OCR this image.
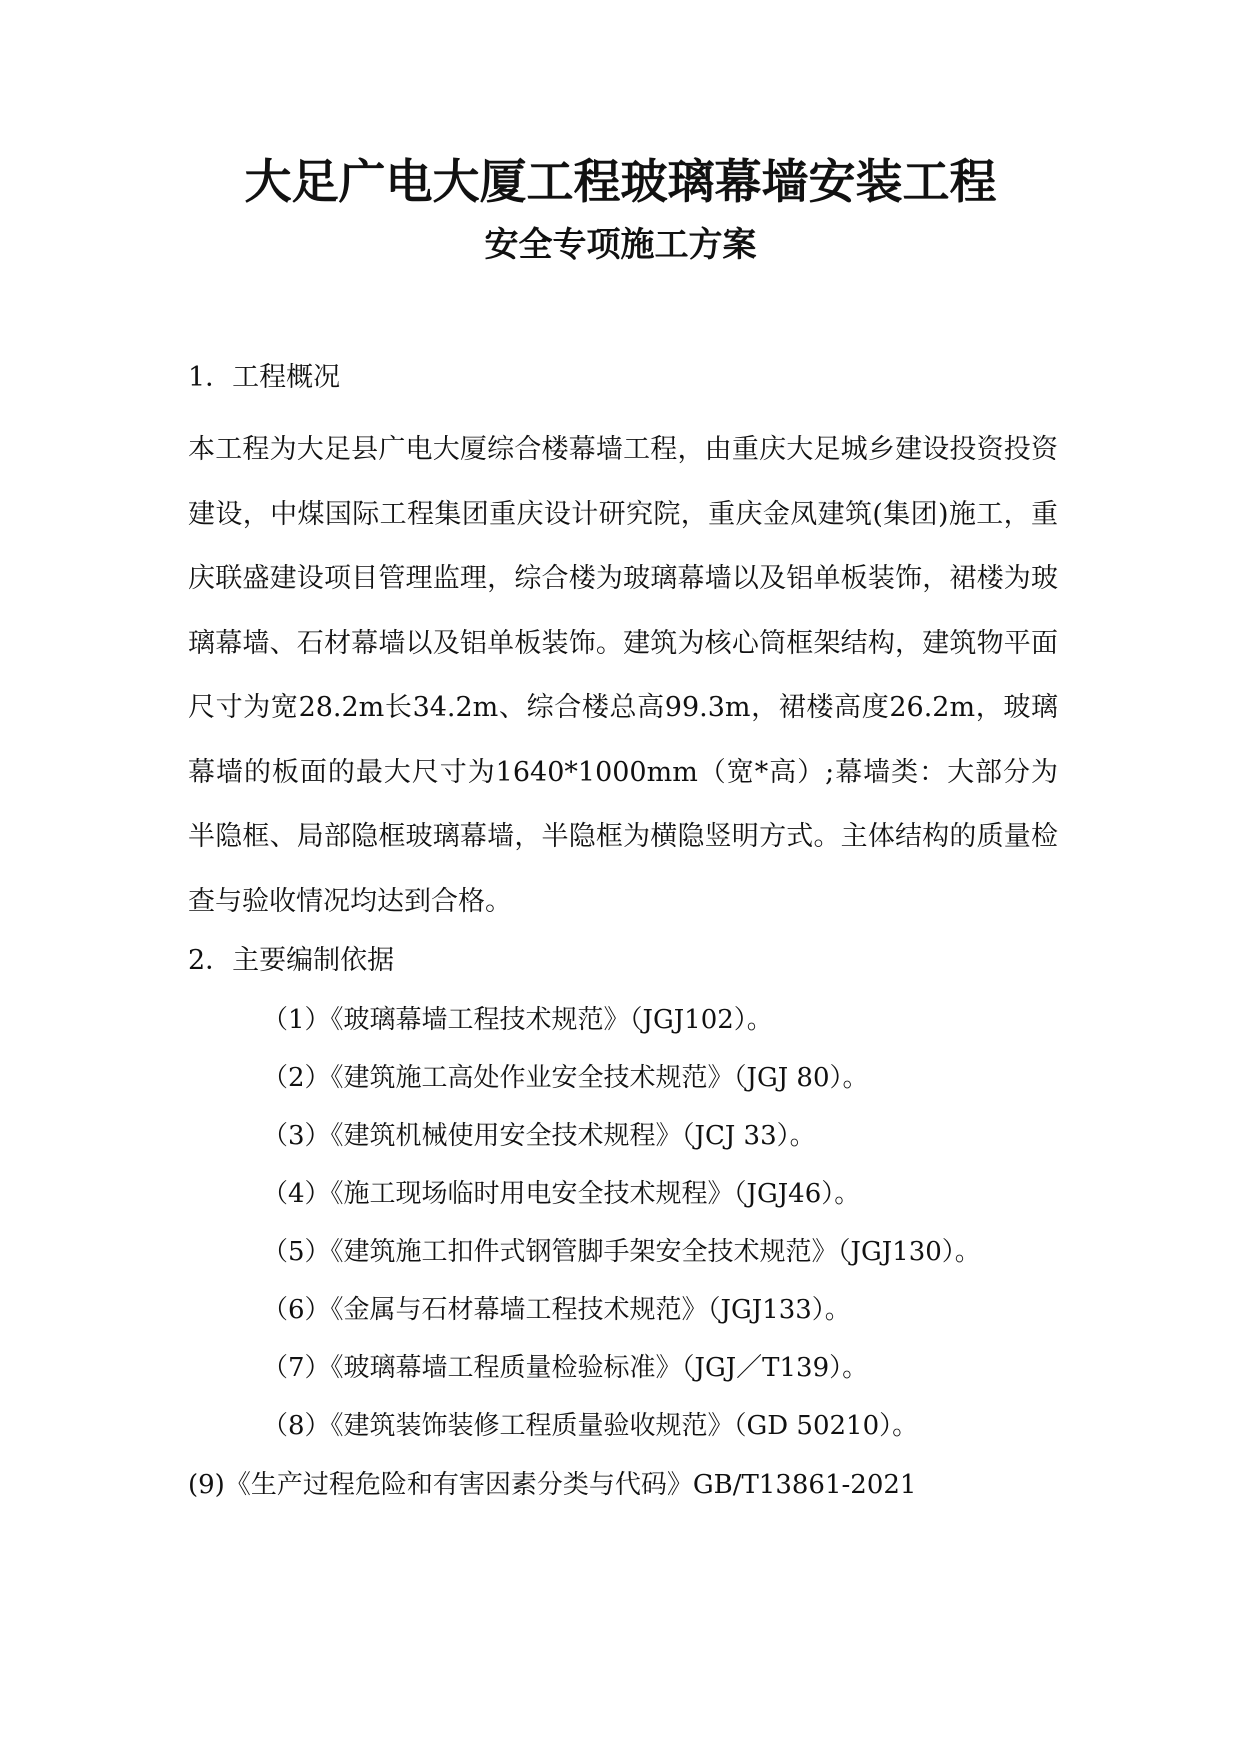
大足广电大厦工程玻璃幕墙安装工程
安全专项施工方案
1．工程概况
本工程为大足县广电大厦综合楼幕墙工程，由重庆大足城乡建设投资投资建设，中煤国际工程集团重庆设计研究院，重庆金凤建筑(集团)施工，重庆联盛建设项目管理监理，综合楼为玻璃幕墙以及铝单板装饰，裙楼为玻璃幕墙、石材幕墙以及铝单板装饰。建筑为核心筒框架结构，建筑物平面尺寸为宽28.2m长34.2m、综合楼总高99.3m，裙楼高度26.2m，玻璃幕墙的板面的最大尺寸为1640*1000mm（宽*高）;幕墙类：大部分为半隐框、局部隐框玻璃幕墙，半隐框为横隐竖明方式。主体结构的质量检查与验收情况均达到合格。
2．主要编制依据
（1）《玻璃幕墙工程技术规范》（JGJ102）。
（2）《建筑施工高处作业安全技术规范》（JGJ 80）。
（3）《建筑机械使用安全技术规程》（JCJ 33）。
（4）《施工现场临时用电安全技术规程》（JGJ46）。
（5）《建筑施工扣件式钢管脚手架安全技术规范》（JGJ130）。
（6）《金属与石材幕墙工程技术规范》（JGJ133）。
（7）《玻璃幕墙工程质量检验标准》（JGJ／T139）。
（8）《建筑装饰装修工程质量验收规范》（GD 50210）。
(9)《生产过程危险和有害因素分类与代码》GB/T13861-2021
